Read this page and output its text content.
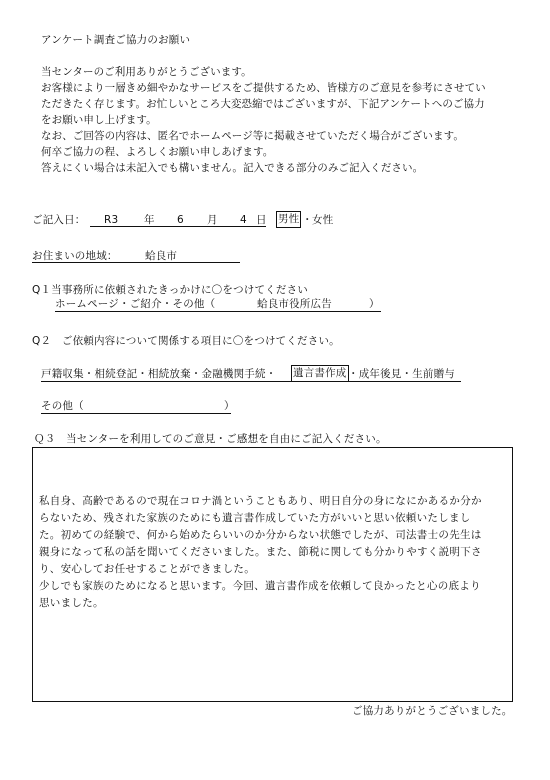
アンケート調査ご協力のお願い
当センターのご利用ありがとうございます。
お客様により一層きめ細やかなサービスをご提供するため、皆様方のご意見を参考にさせてい
ただきたく存じます。お忙しいところ大変恐縮ではございますが、下記アンケートへのご協力
をお願い申し上げます。
なお、ご回答の内容は、匿名でホームページ等に掲載させていただく場合がございます。
何卒ご協力の程、よろしくお願い申しあげます。
答えにくい場合は未記入でも構いません。記入できる部分のみご記入ください。
ご記入日： R3 年 6 月 4 日 男性 ・ 女性
お住まいの地域：	蛤良市
Q１当事務所に依頼されたきっかけに〇をつけてください
ホームページ・ご紹介・その他（	蛤良市役所広告	）
Q２　ご依頼内容について関係する項目に〇をつけてください。
戸籍収集・相続登記・相続放棄・金融機関手続・ 遺言書作成 ・成年後見・生前贈与
その他（	）
Ｑ３　当センターを利用してのご意見・ご感想を自由にご記入ください。
私自身、高齢であるので現在コロナ渦ということもあり、明日自分の身になにかあるか分か
らないため、残された家族のためにも遺言書作成していた方がいいと思い依頼いたしまし
た。初めての経験で、何から始めたらいいのか分からない状態でしたが、司法書士の先生は
親身になって私の話を聞いてくださいました。また、節税に関しても分かりやすく説明下さ
り、安心してお任せすることができました。
少しでも家族のためになると思います。今回、遺言書作成を依頼して良かったと心の底より
思いました。
ご協力ありがとうございました。
